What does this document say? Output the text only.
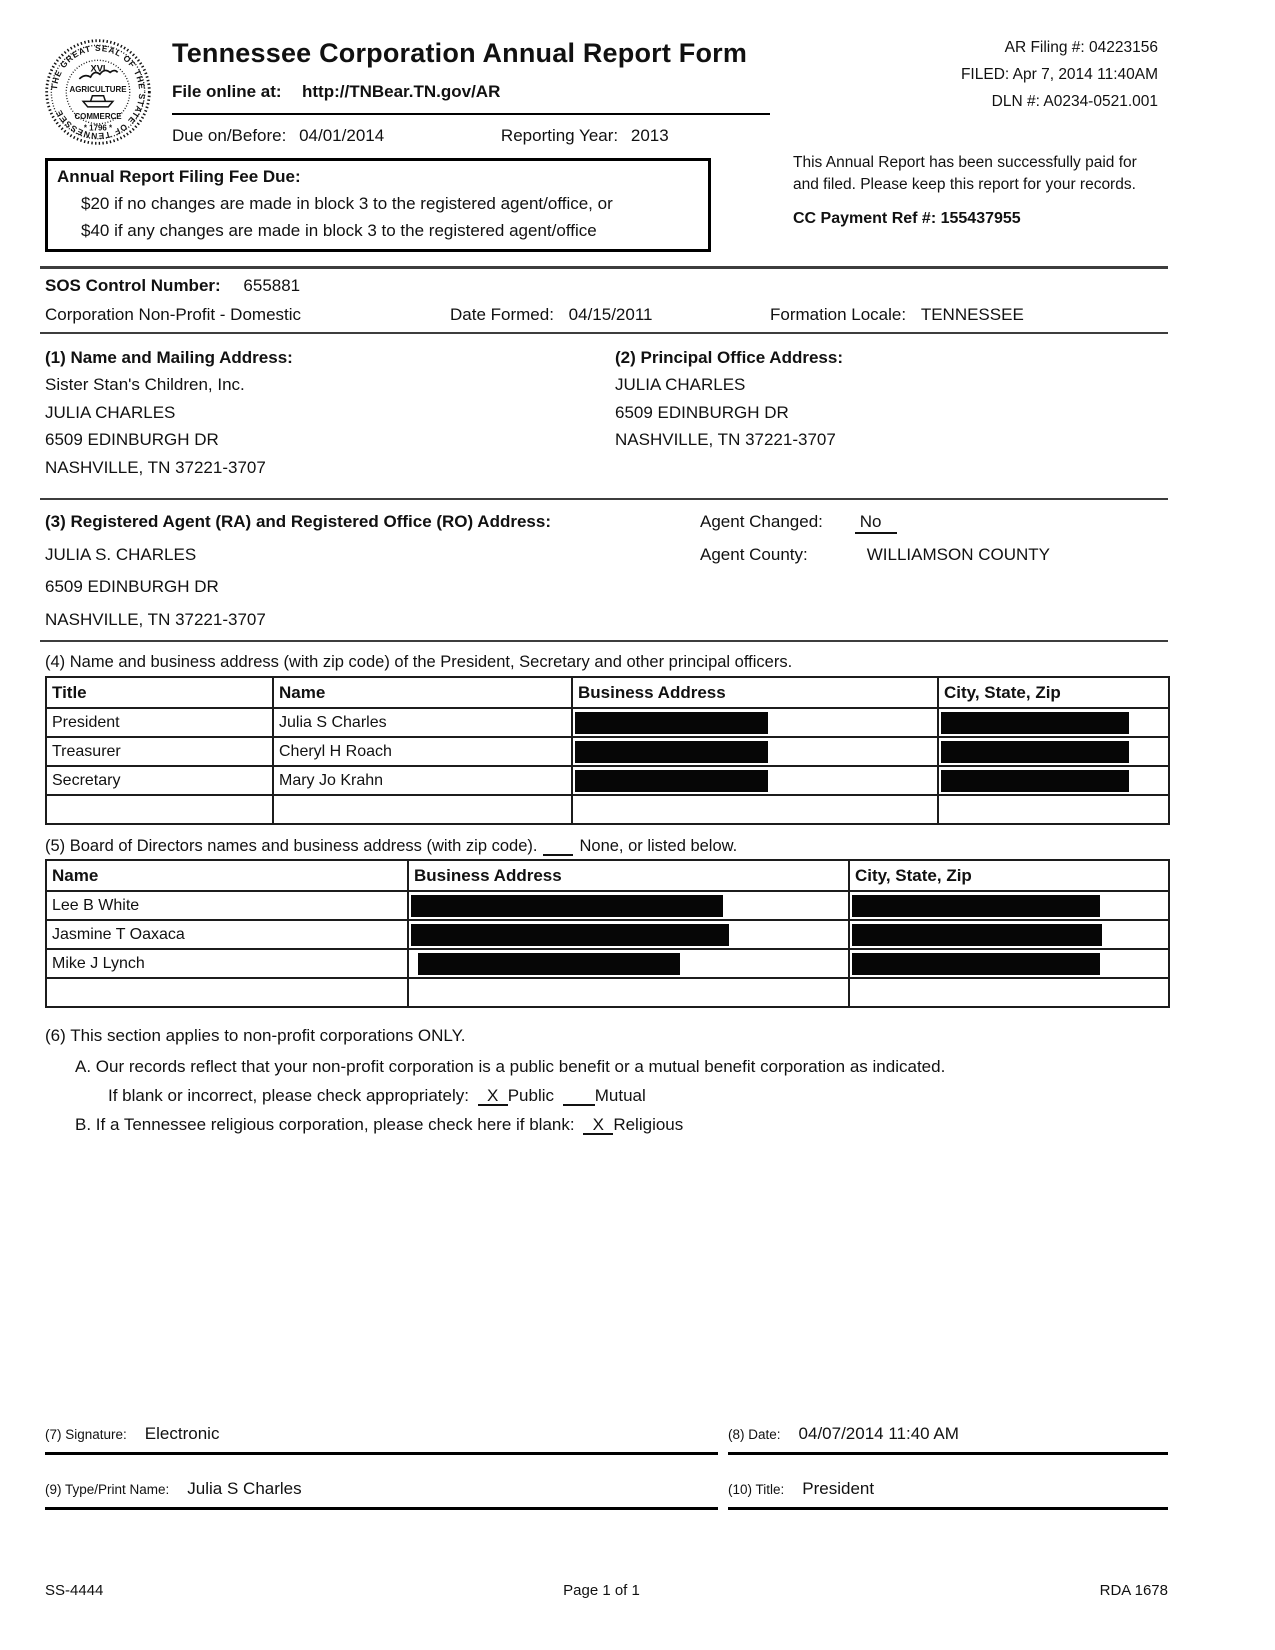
THE GREAT SEAL OF THE STATE OF TENNESSEE
XVI
AGRICULTURE
COMMERCE
* 1796 *
Tennessee Corporation Annual Report Form
File online at: http://TNBear.TN.gov/AR
Due on/Before: 04/01/2014	Reporting Year: 2013
AR Filing #: 04223156
FILED: Apr 7, 2014 11:40AM
DLN #: A0234-0521.001
Annual Report Filing Fee Due:
$20 if no changes are made in block 3 to the registered agent/office, or
$40 if any changes are made in block 3 to the registered agent/office
This Annual Report has been successfully paid for and filed. Please keep this report for your records.
CC Payment Ref #: 155437955
SOS Control Number: 655881
Corporation Non-Profit - Domestic	Date Formed: 04/15/2011	Formation Locale: TENNESSEE
(1) Name and Mailing Address:
Sister Stan's Children, Inc.
JULIA CHARLES
6509 EDINBURGH DR
NASHVILLE, TN 37221-3707
(2) Principal Office Address:
JULIA CHARLES
6509 EDINBURGH DR
NASHVILLE, TN 37221-3707
(3) Registered Agent (RA) and Registered Office (RO) Address:
JULIA S. CHARLES
6509 EDINBURGH DR
NASHVILLE, TN 37221-3707
Agent Changed: No
Agent County:	WILLIAMSON COUNTY
(4) Name and business address (with zip code) of the President, Secretary and other principal officers.
Title	Name	Business Address	City, State, Zip
President	Julia S Charles	

Treasurer	Cheryl H Roach	

Secretary	Mary Jo Krahn	

(5) Board of Directors names and business address (with zip code).	None, or listed below.
Name	Business Address	City, State, Zip
Lee B White	

Jasmine T Oaxaca	

Mike J Lynch	

(6) This section applies to non-profit corporations ONLY.
A. Our records reflect that your non-profit corporation is a public benefit or a mutual benefit corporation as indicated.
If blank or incorrect, please check appropriately: X Public Mutual
B. If a Tennessee religious corporation, please check here if blank: X Religious
(7) Signature: Electronic	(8) Date: 04/07/2014 11:40 AM
(9) Type/Print Name: Julia S Charles	(10) Title: President
SS-4444	Page 1 of 1	RDA 1678
